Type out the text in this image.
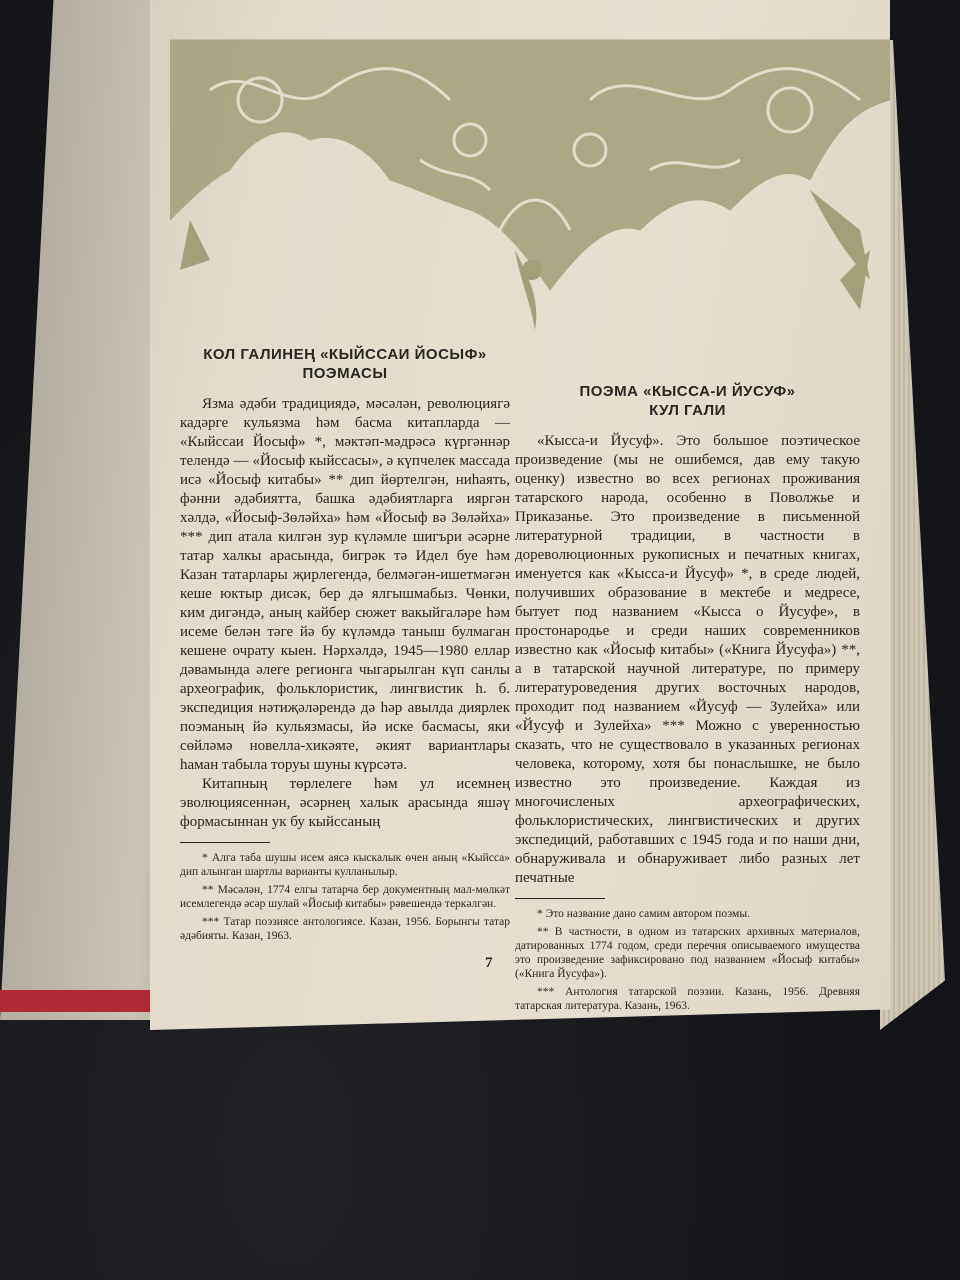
КОЛ ГАЛИНЕҢ «КЫЙССАИ ЙОСЫФ»
ПОЭМАСЫ

Язма әдәби традициядә, мәсәлән, революциягә кадәрге кульязма һәм басма китапларда — «Кыйссаи Йосыф» *, мәктәп-мәдрәсә күргәннәр телендә — «Йосыф кыйссасы», ә күпчелек массада исә «Йосыф китабы» ** дип йөртелгән, ниһаять, фәнни әдәбиятта, башка әдәбиятларга ияргән хәлдә, «Йосыф-Зөләйха» һәм «Йосыф вә Зөләйха» *** дип атала килгән зур күләмле шигъри әсәрне татар халкы арасында, бигрәк тә Идел буе һәм Казан татарлары җирлегендә, белмәгән-ишетмәгән кеше юктыр дисәк, бер дә ялгышмабыз. Чөнки, ким дигәндә, аның кайбер сюжет вакыйгаләре һәм исеме белән тәге йә бу күләмдә таныш булмаган кешене очрату кыен. Нәрхәлдә, 1945—1980 еллар дәвамында әлеге регионга чыгарылган күп санлы археографик, фольклористик, лингвистик h. б. экспедиция нәтиҗәләрендә дә һәр авылда диярлек поэманың йә кульязмасы, йә иске басмасы, яки сөйләмә новелла-хикәяте, әкият вариантлары һаман табыла торуы шуны күрсәтә.

Китапның төрлелеге һәм ул исемнең эволюциясеннән, әсәрнең халык арасында яшәү формасыннан ук бу кыйссаның

* Алга таба шушы исем аясә кыскалык өчен аның «Кыйсса» дип алынган шартлы варианты кулланылыр.

** Мәсәлән, 1774 елгы татарча бер документның мал-мөлкәт исемлегендә әсәр шулай «Йосыф китабы» рәвешендә теркәлгән.

*** Татар поэзиясе антологиясе. Казан, 1956. Борынгы татар әдәбияты. Казан, 1963.

ПОЭМА «КЫССА-И ЙУСУФ»
КУЛ ГАЛИ

«Кысса-и Йусуф». Это большое поэтическое произведение (мы не ошибемся, дав ему такую оценку) известно во всех регионах проживания татарского народа, особенно в Поволжье и Приказанье. Это произведение в письменной литературной традиции, в частности в дореволюционных рукописных и печатных книгах, именуется как «Кысса-и Йусуф» *, в среде людей, получивших образование в мектебе и медресе, бытует под названием «Кысса о Йусуфе», в простонародье и среди наших современников известно как «Йосыф китабы» («Книга Йусуфа») **, а в татарской научной литературе, по примеру литературоведения других восточных народов, проходит под названием «Йусуф — Зулейха» или «Йусуф и Зулейха» *** Можно с уверенностью сказать, что не существовало в указанных регионах человека, которому, хотя бы понаслышке, не было известно это произведение. Каждая из многочисленых археографических, фольклористических, лингвистических и других экспедиций, работавших с 1945 года и по наши дни, обнаруживала и обнаруживает либо разных лет печатные

* Это название дано самим автором поэмы.

** В частности, в одном из татарских архивных материалов, датированных 1774 годом, среди перечня описываемого имущества это произведение зафиксировано под названием «Йосыф китабы» («Книга Йусуфа»).

*** Антология татарской поэзии. Казань, 1956. Древняя татарская литература. Казань, 1963.

7
